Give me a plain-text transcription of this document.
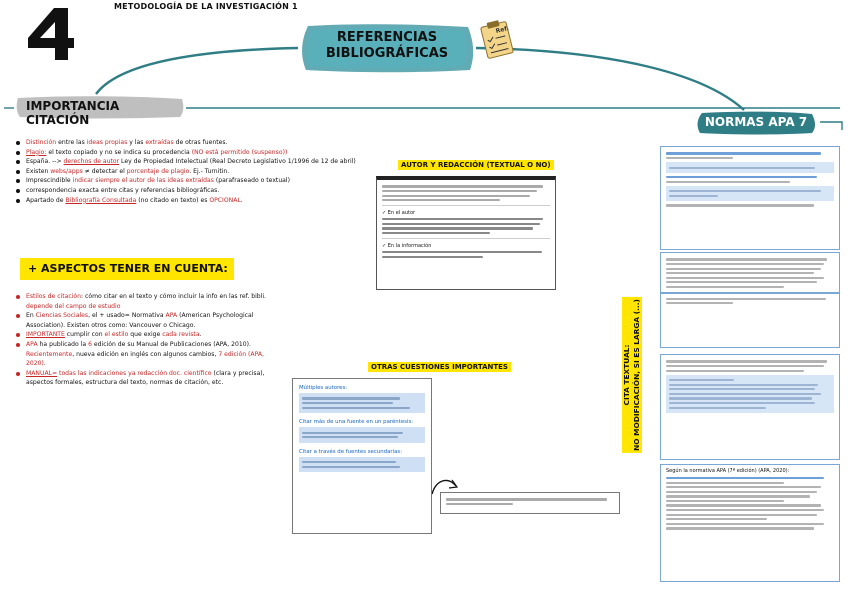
METODOLOGÍA DE LA INVESTIGACIÓN 1
REFERENCIAS
BIBLIOGRÁFICAS
Ref.
IMPORTANCIA CITACIÓN
Distinción entre las ideas propias y las extraídas de otras fuentes.
Plagio: el texto copiado y no se indica su procedencia (NO está permitido (suspenso))
España. --> derechos de autor Ley de Propiedad Intelectual (Real Decreto Legislativo 1/1996 de 12 de abril)
Existen webs/apps ≠ detectar el porcentaje de plagio. Ej.- Turnitin.
Imprescindible indicar siempre el autor de las ideas extraídas (parafraseado o textual)
correspondencia exacta entre citas y referencias bibliográficas.
Apartado de Bibliografía Consultada (no citado en texto) es OPCIONAL.
+ ASPECTOS TENER EN CUENTA:
Estilos de citación: cómo citar en el texto y cómo incluir la info en las ref. bibli. depende del campo de estudio
En Ciencias Sociales, el + usado= Normativa APA (American Psychological Association). Existen otros como: Vancouver o Chicago.
IMPORTANTE cumplir con el estilo que exige cada revista.
APA ha publicado la 6 edición de su Manual de Publicaciones (APA, 2010). Recientemente, nueva edición en inglés con algunos cambios, 7 edición (APA, 2020).
MANUAL= todas las indicaciones ya redacción doc. científico (clara y precisa), aspectos formales, estructura del texto, normas de citación, etc.
AUTOR Y REDACCIÓN (TEXTUAL O NO)
✓ En el autor
✓ En la información
OTRAS CUESTIONES IMPORTANTES
Múltiples autores:
Citar más de una fuente en un paréntesis:
Citar a través de fuentes secundarias:
NORMAS APA 7
CITA TEXTUAL: NO MODIFICACIÓN, SI ES LARGA (...)
Según la normativa APA (7ª edición) (APA, 2020):
